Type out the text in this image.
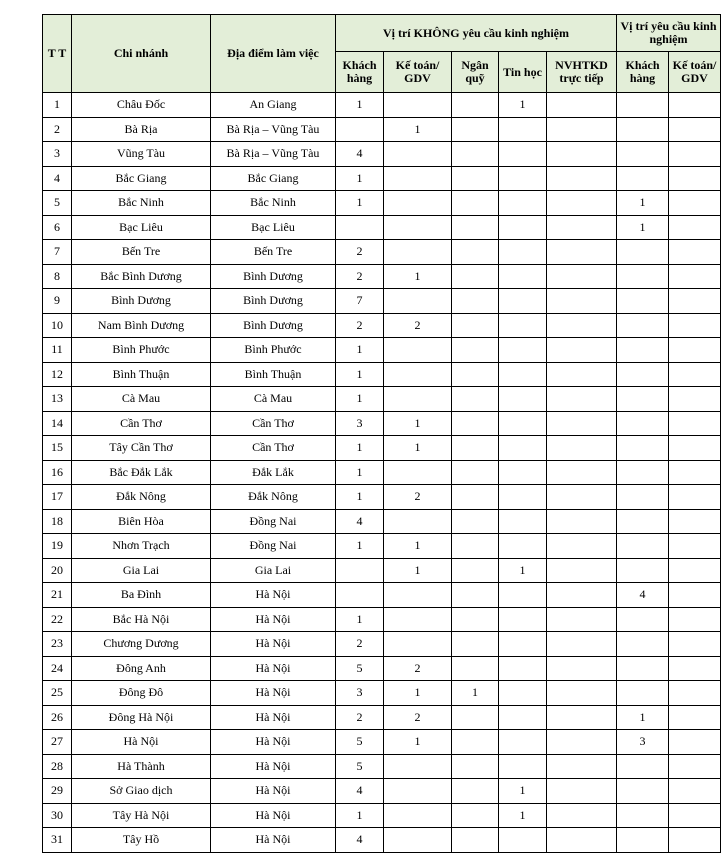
T T	Chi nhánh	Địa điểm làm việc	Vị trí KHÔNG yêu cầu kinh nghiệm					Vị trí yêu cầu kinh nghiệm	
			Khách hàng	Kế toán/ GDV	Ngân quỹ	Tin học	NVHTKD trực tiếp	Khách hàng	Kế toán/ GDV
1	Châu Đốc	An Giang	1			1			
2	Bà Rịa	Bà Rịa – Vũng Tàu		1					
3	Vũng Tàu	Bà Rịa – Vũng Tàu	4						
4	Bắc Giang	Bắc Giang	1						
5	Bắc Ninh	Bắc Ninh	1					1	
6	Bạc Liêu	Bạc Liêu						1	
7	Bến Tre	Bến Tre	2						
8	Bắc Bình Dương	Bình Dương	2	1					
9	Bình Dương	Bình Dương	7						
10	Nam Bình Dương	Bình Dương	2	2					
11	Bình Phước	Bình Phước	1						
12	Bình Thuận	Bình Thuận	1						
13	Cà Mau	Cà Mau	1						
14	Cần Thơ	Cần Thơ	3	1					
15	Tây Cần Thơ	Cần Thơ	1	1					
16	Bắc Đắk Lắk	Đắk Lắk	1						
17	Đắk Nông	Đắk Nông	1	2					
18	Biên Hòa	Đồng Nai	4						
19	Nhơn Trạch	Đồng Nai	1	1					
20	Gia Lai	Gia Lai		1		1			
21	Ba Đình	Hà Nội						4	
22	Bắc Hà Nội	Hà Nội	1						
23	Chương Dương	Hà Nội	2						
24	Đông Anh	Hà Nội	5	2					
25	Đông Đô	Hà Nội	3	1	1				
26	Đông Hà Nội	Hà Nội	2	2				1	
27	Hà Nội	Hà Nội	5	1				3	
28	Hà Thành	Hà Nội	5						
29	Sở Giao dịch	Hà Nội	4			1			
30	Tây Hà Nội	Hà Nội	1			1			
31	Tây Hồ	Hà Nội	4						
